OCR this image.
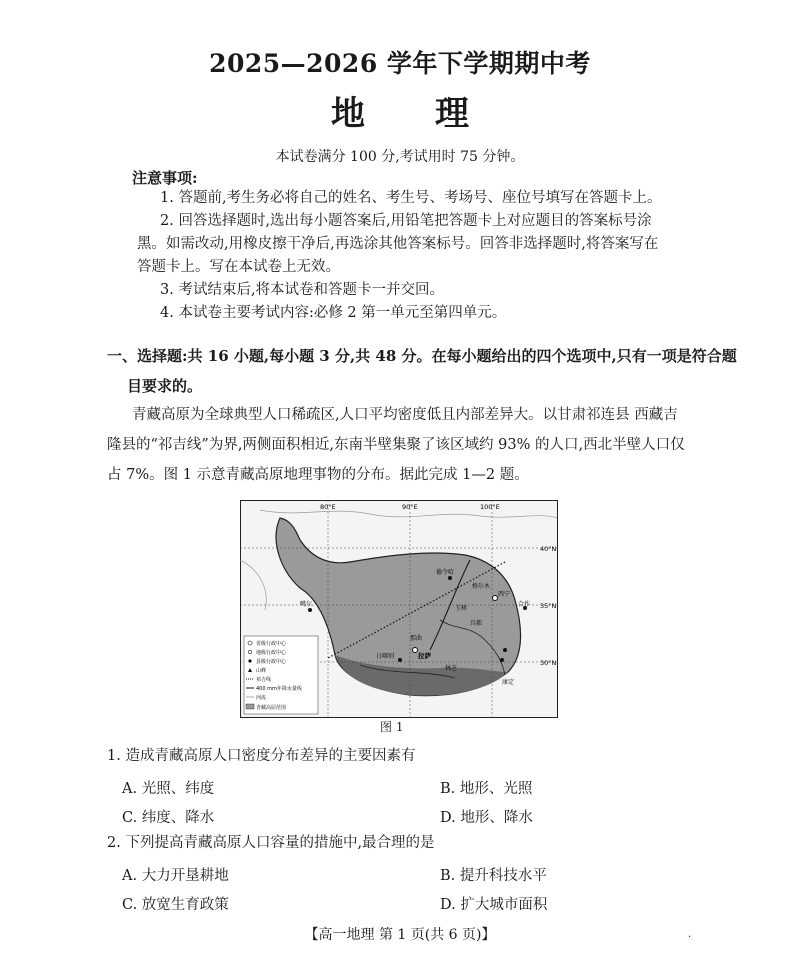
2025—2026 学年下学期期中考
地理
本试卷满分 100 分,考试用时 75 分钟。
注意事项:
1. 答题前,考生务必将自己的姓名、考生号、考场号、座位号填写在答题卡上。
2. 回答选择题时,选出每小题答案后,用铅笔把答题卡上对应题目的答案标号涂
黑。如需改动,用橡皮擦干净后,再选涂其他答案标号。回答非选择题时,将答案写在
答题卡上。写在本试卷上无效。
3. 考试结束后,将本试卷和答题卡一并交回。
4. 本试卷主要考试内容:必修 2 第一单元至第四单元。
一、选择题:共 16 小题,每小题 3 分,共 48 分。在每小题给出的四个选项中,只有一项是符合题
目要求的。
青藏高原为全球典型人口稀疏区,人口平均密度低且内部差异大。以甘肃祁连县 西藏吉
隆县的“祁吉线”为界,两侧面积相近,东南半壁集聚了该区域约 93% 的人口,西北半壁人口仅
占 7%。图 1 示意青藏高原地理事物的分布。据此完成 1—2 题。
80°E	90°E	100°E
40°N
35°N
30°N
德令哈
格尔木
西宁
噶尔
玉树
昌都
那曲
拉萨
日喀则
林芝
合作
康定
省级行政中心
地级行政中心
县级行政中心
山峰
祁吉线
400 mm年降水量线
河流
青藏高原范围
图 1
1. 造成青藏高原人口密度分布差异的主要因素有
A. 光照、纬度	B. 地形、光照
C. 纬度、降水	D. 地形、降水
2. 下列提高青藏高原人口容量的措施中,最合理的是
A. 大力开垦耕地	B. 提升科技水平
C. 放宽生育政策	D. 扩大城市面积
【高一地理 第 1 页(共 6 页)】	·
